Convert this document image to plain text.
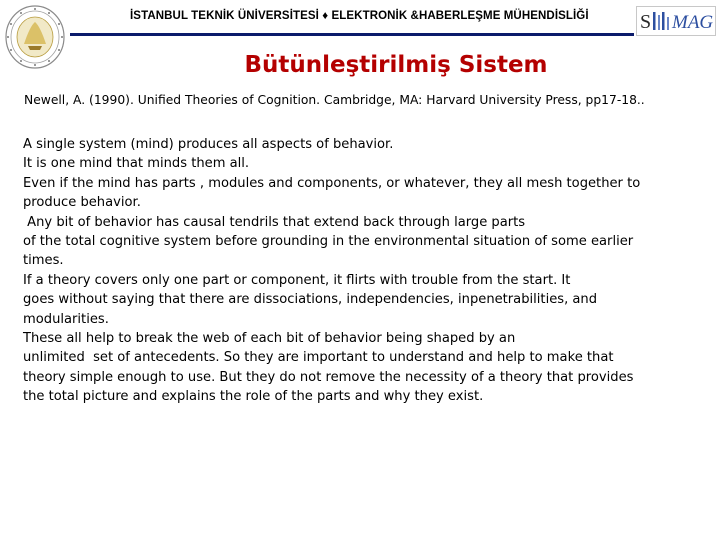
İSTANBUL TEKNİK ÜNİVERSİTESİ ♦ ELEKTRONİK &HABERLEŞME MÜHENDİSLİĞİ	S MAG
Bütünleştirilmiş Sistem
Newell, A. (1990). Unified Theories of Cognition. Cambridge, MA: Harvard University Press, pp17-18..
A single system (mind) produces all aspects of behavior.
It is one mind that minds them all.
Even if the mind has parts , modules and components, or whatever, they all mesh together to
produce behavior.
Any bit of behavior has causal tendrils that extend back through large parts
of the total cognitive system before grounding in the environmental situation of some earlier
times.
If a theory covers only one part or component, it flirts with trouble from the start. It
goes without saying that there are dissociations, independencies, inpenetrabilities, and
modularities.
These all help to break the web of each bit of behavior being shaped by an
unlimited  set of antecedents. So they are important to understand and help to make that
theory simple enough to use. But they do not remove the necessity of a theory that provides
the total picture and explains the role of the parts and why they exist.
